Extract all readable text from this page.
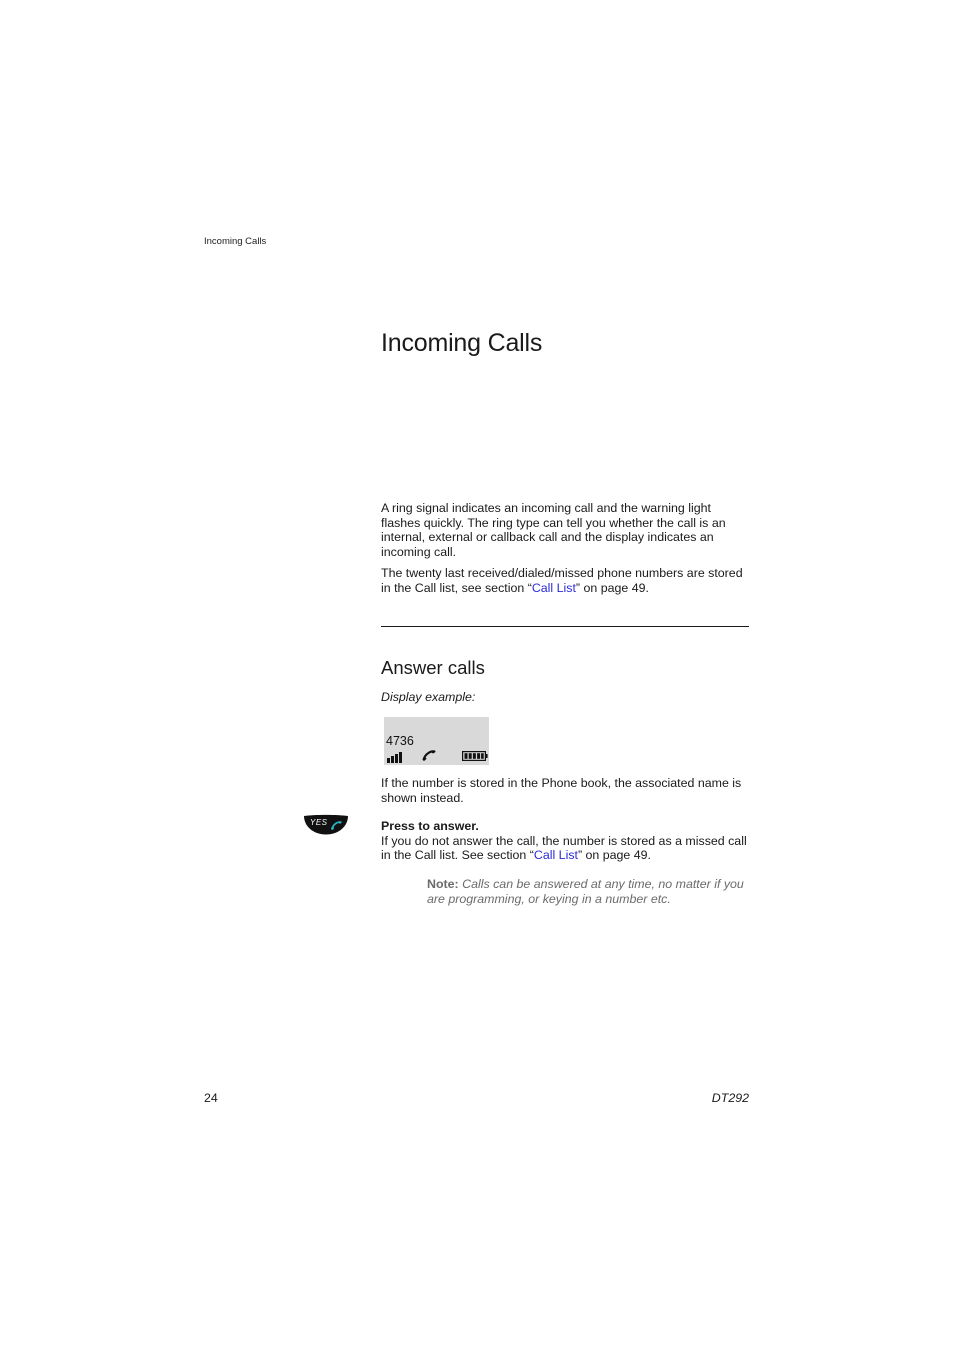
Incoming Calls
Incoming Calls
A ring signal indicates an incoming call and the warning light flashes quickly. The ring type can tell you whether the call is an internal, external or callback call and the display indicates an incoming call.
The twenty last received/dialed/missed phone numbers are stored in the Call list, see section “Call List” on page 49.
Answer calls
Display example:
4736
If the number is stored in the Phone book, the associated name is shown instead.
YES	Press to answer.
If you do not answer the call, the number is stored as a missed call in the Call list. See section “Call List” on page 49.
Note: Calls can be answered at any time, no matter if you are programming, or keying in a number etc.
24	DT292
